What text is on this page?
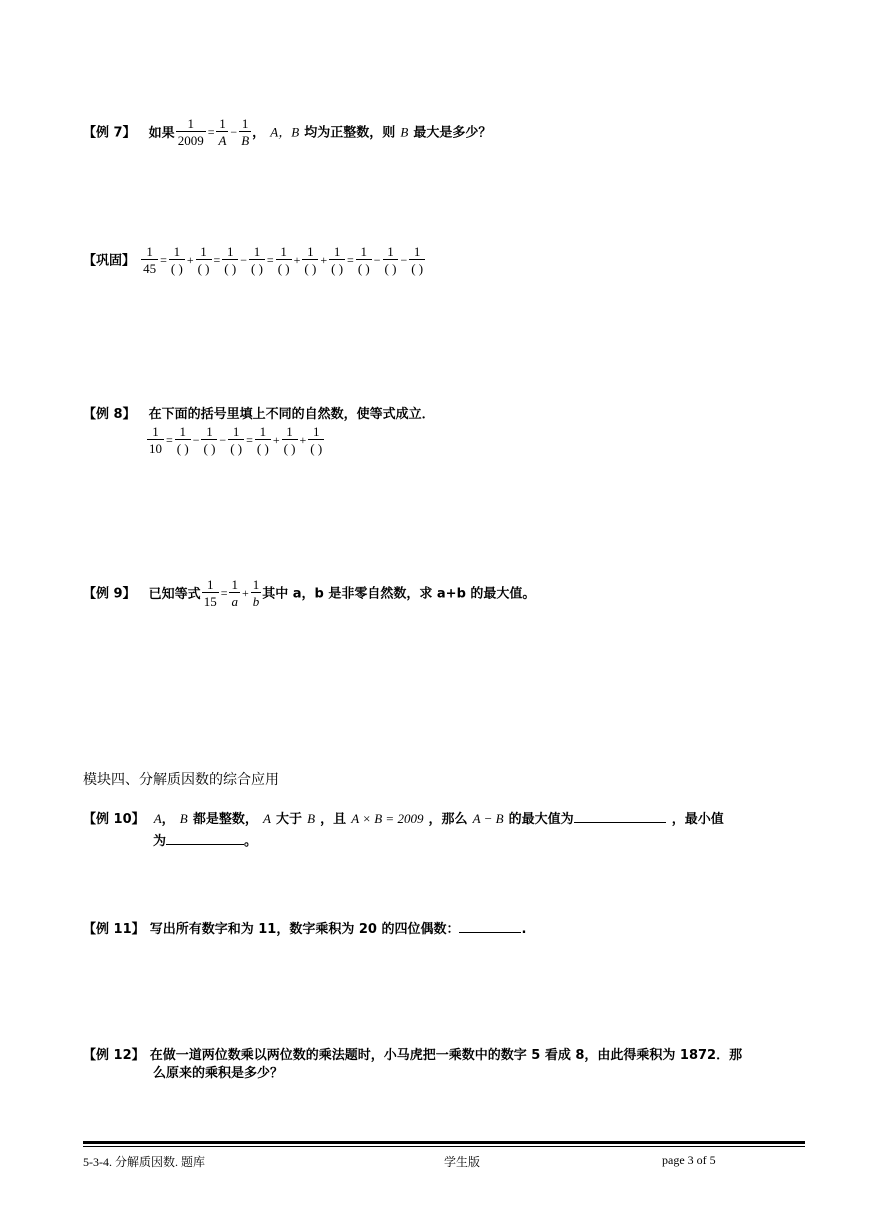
【例 7】 如果 $\frac{1}{2009} = \frac{1}{A} - \frac{1}{B}$ ， A，B 均为正整数，则 B 最大是多少？
【巩固】 $\frac{1}{45} = \frac{1}{( )} + \frac{1}{( )} = \frac{1}{( )} - \frac{1}{( )} = \frac{1}{( )} + \frac{1}{( )} + \frac{1}{( )} = \frac{1}{( )} - \frac{1}{( )} - \frac{1}{( )}$
【例 8】 在下面的括号里填上不同的自然数，使等式成立．
$\frac{1}{10} = \frac{1}{( )} - \frac{1}{( )} - \frac{1}{( )} = \frac{1}{( )} + \frac{1}{( )} + \frac{1}{( )}$
【例 9】 已知等式 $\frac{1}{15} = \frac{1}{a} + \frac{1}{b}$ 其中 a，b 是非零自然数，求 a+b 的最大值。
模块四、分解质因数的综合应用
【例 10】 A， B 都是整数， A 大于 B ，且 A × B = 2009 ，那么 A − B 的最大值为	，最小值
为	。
【例 11】 写出所有数字和为 11，数字乘积为 20 的四位偶数：	.
【例 12】 在做一道两位数乘以两位数的乘法题时，小马虎把一乘数中的数字 5 看成 8，由此得乘积为 1872．那
么原来的乘积是多少？
5-3-4. 分解质因数. 题库	学生版	page 3 of 5
